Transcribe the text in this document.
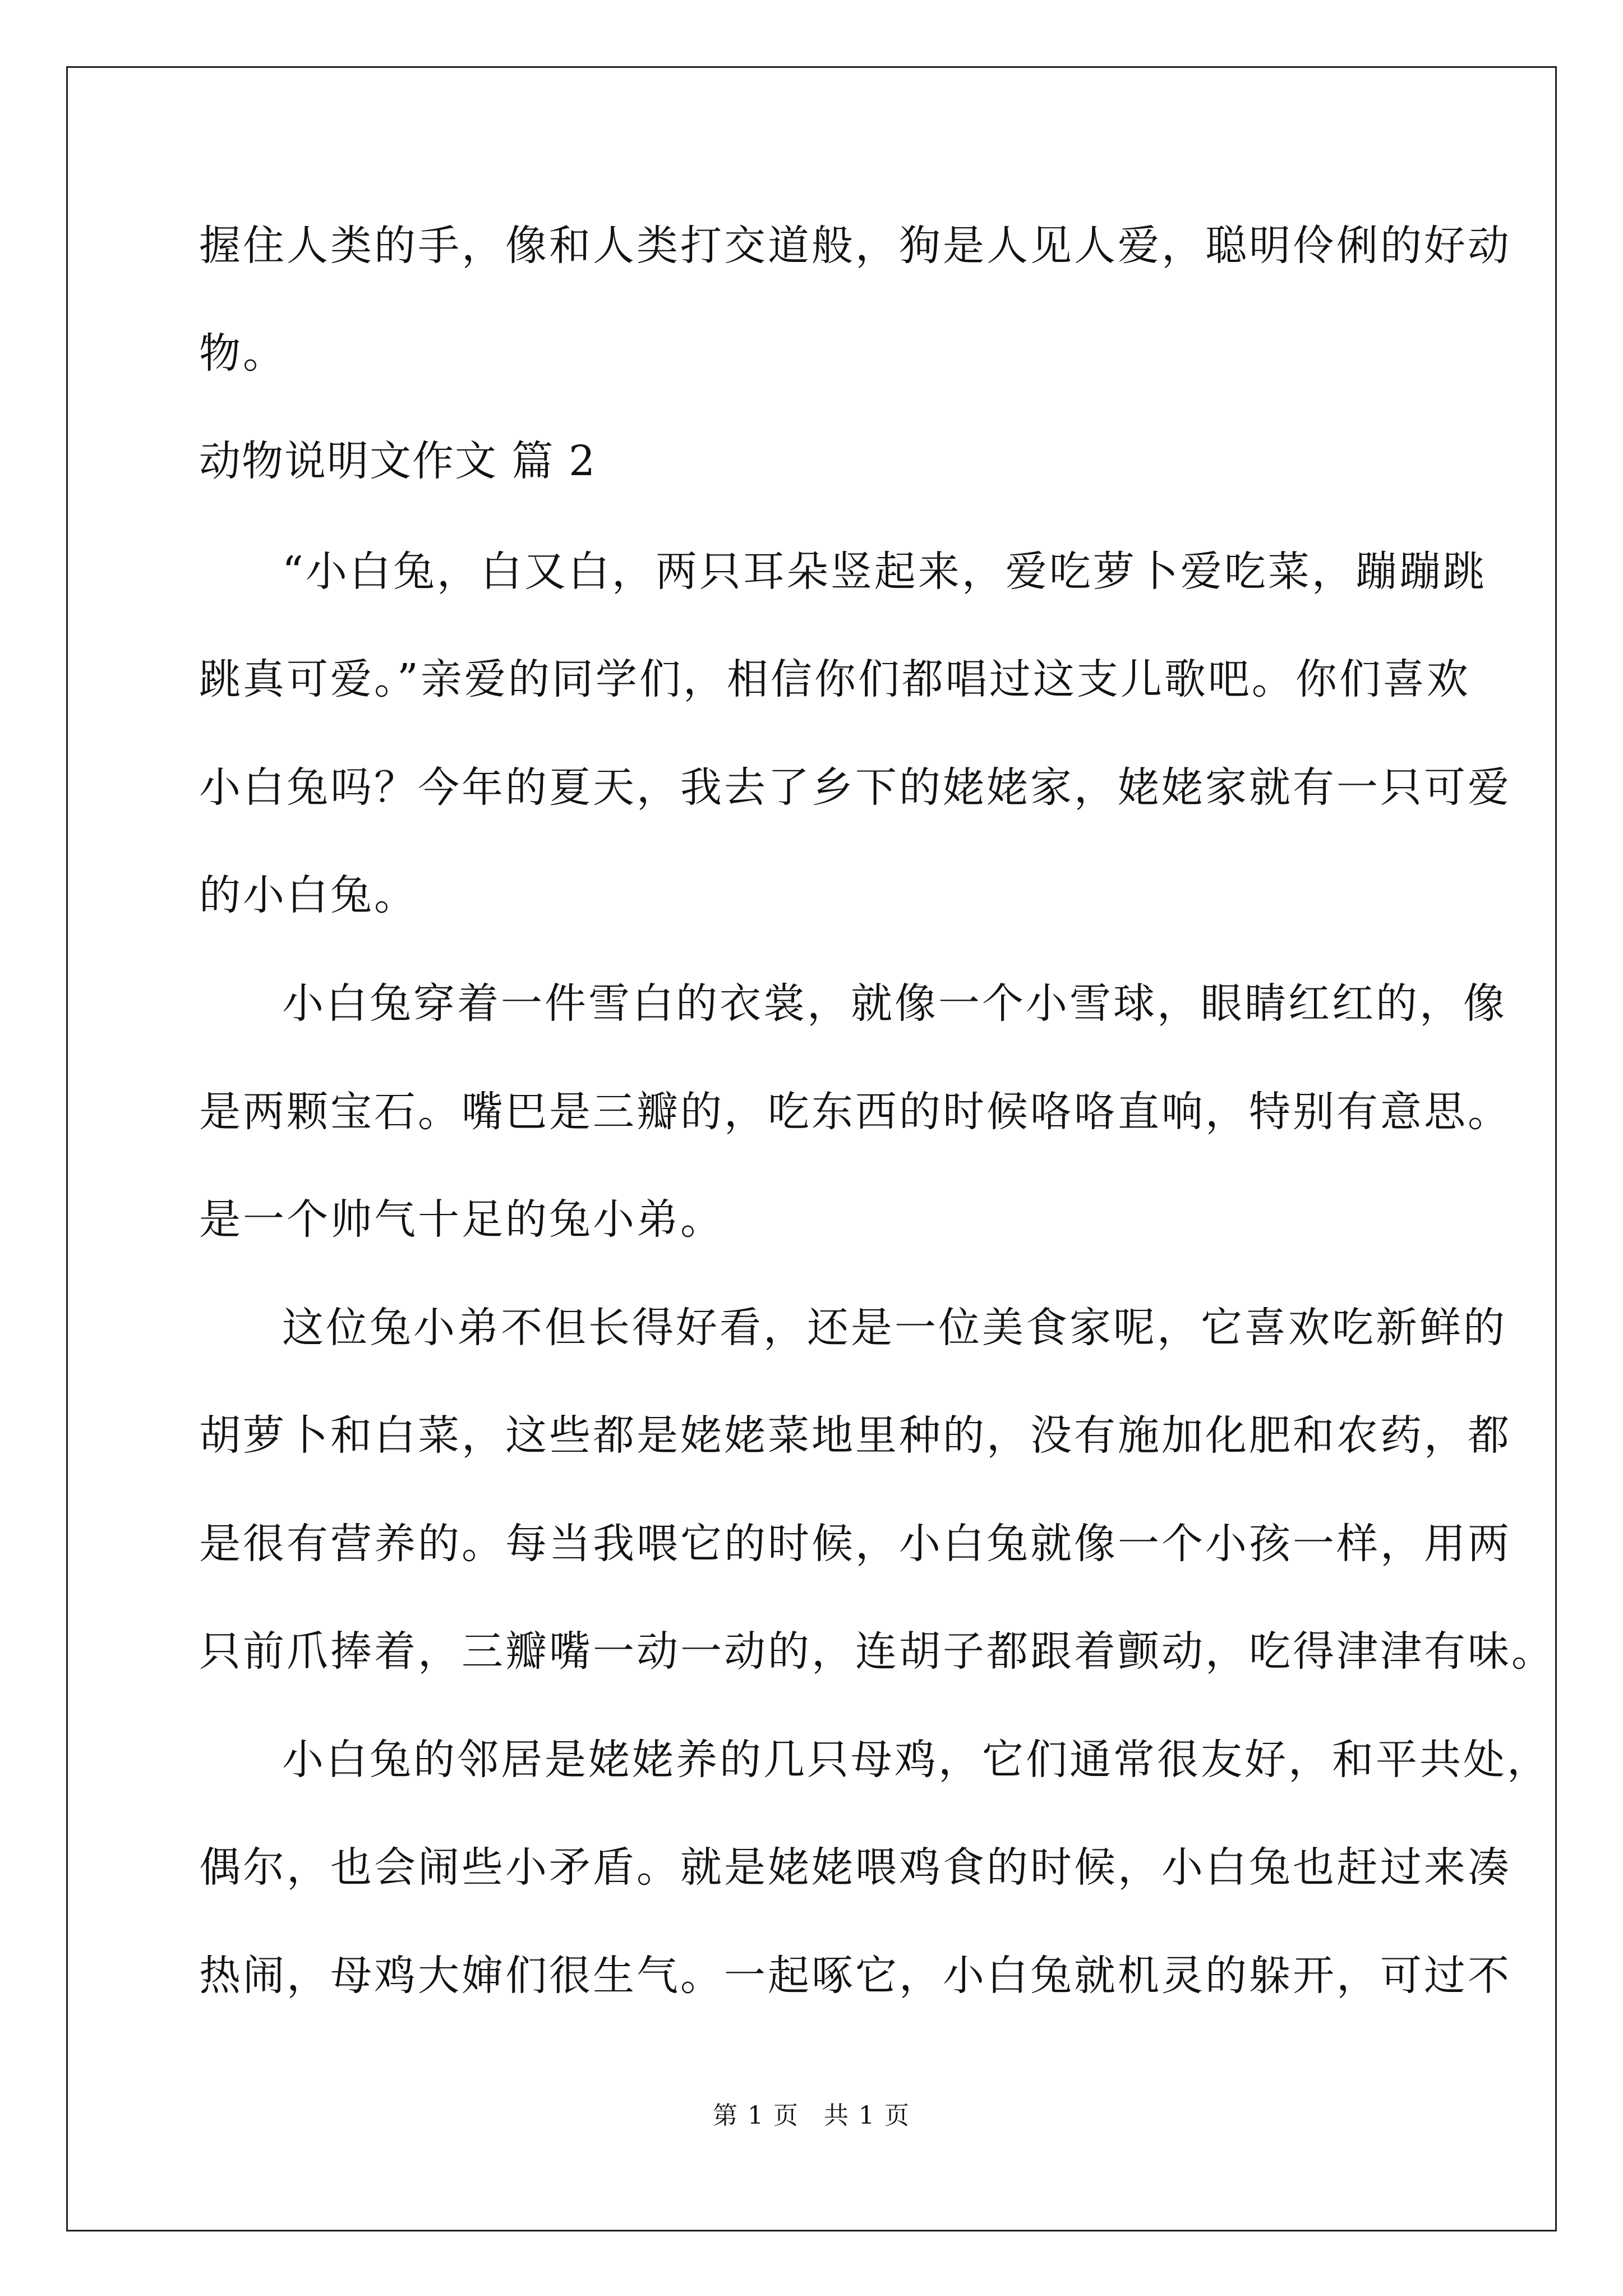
握住人类的手，像和人类打交道般，狗是人见人爱，聪明伶俐的好动
物。
动物说明文作文 篇 2
“小白兔，白又白，两只耳朵竖起来，爱吃萝卜爱吃菜，蹦蹦跳
跳真可爱。”亲爱的同学们，相信你们都唱过这支儿歌吧。你们喜欢
小白兔吗？今年的夏天，我去了乡下的姥姥家，姥姥家就有一只可爱
的小白兔。
小白兔穿着一件雪白的衣裳，就像一个小雪球，眼睛红红的，像
是两颗宝石。嘴巴是三瓣的，吃东西的时候咯咯直响，特别有意思。
是一个帅气十足的兔小弟。
这位兔小弟不但长得好看，还是一位美食家呢，它喜欢吃新鲜的
胡萝卜和白菜，这些都是姥姥菜地里种的，没有施加化肥和农药，都
是很有营养的。每当我喂它的时候，小白兔就像一个小孩一样，用两
只前爪捧着，三瓣嘴一动一动的，连胡子都跟着颤动，吃得津津有味。
小白兔的邻居是姥姥养的几只母鸡，它们通常很友好，和平共处，
偶尔，也会闹些小矛盾。就是姥姥喂鸡食的时候，小白兔也赶过来凑
热闹，母鸡大婶们很生气。一起啄它，小白兔就机灵的躲开，可过不
第 1 页 共 1 页
